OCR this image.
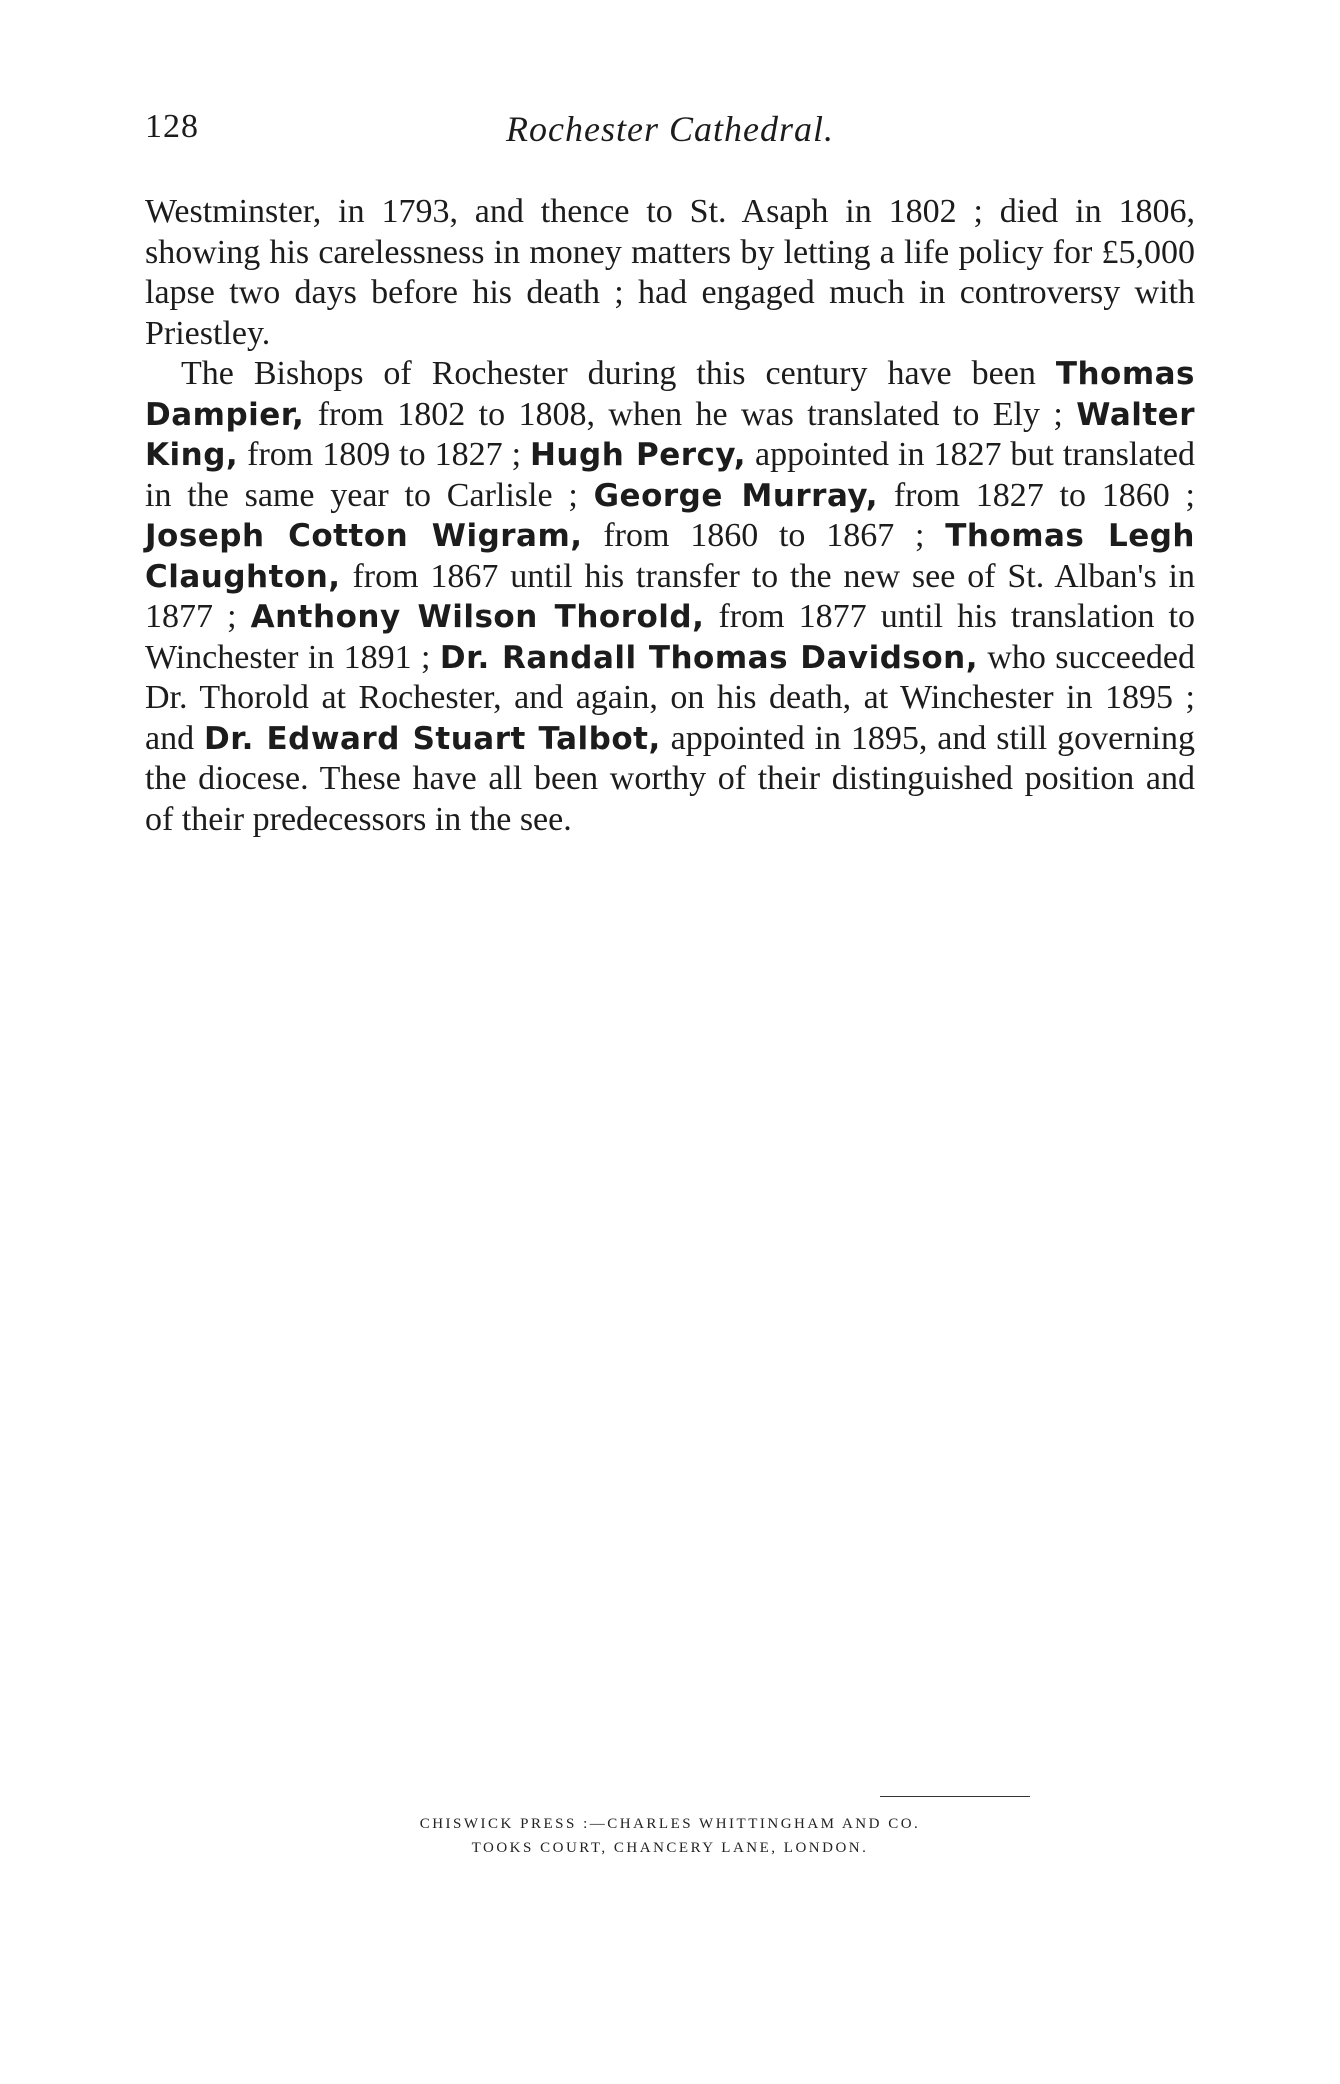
128	Rochester Cathedral.

Westminster, in 1793, and thence to St. Asaph in 1802 ; died in 1806, showing his carelessness in money matters by letting a life policy for £5,000 lapse two days before his death ; had engaged much in controversy with Priestley.

The Bishops of Rochester during this century have been Thomas Dampier, from 1802 to 1808, when he was translated to Ely ; Walter King, from 1809 to 1827 ; Hugh Percy, appointed in 1827 but translated in the same year to Carlisle ; George Murray, from 1827 to 1860 ; Joseph Cotton Wigram, from 1860 to 1867 ; Thomas Legh Claughton, from 1867 until his transfer to the new see of St. Alban's in 1877 ; Anthony Wilson Thorold, from 1877 until his translation to Winchester in 1891 ; Dr. Randall Thomas Davidson, who succeeded Dr. Thorold at Rochester, and again, on his death, at Winchester in 1895 ; and Dr. Edward Stuart Talbot, appointed in 1895, and still governing the diocese. These have all been worthy of their distinguished position and of their predecessors in the see.

CHISWICK PRESS :—CHARLES WHITTINGHAM AND CO.
TOOKS COURT, CHANCERY LANE, LONDON.
